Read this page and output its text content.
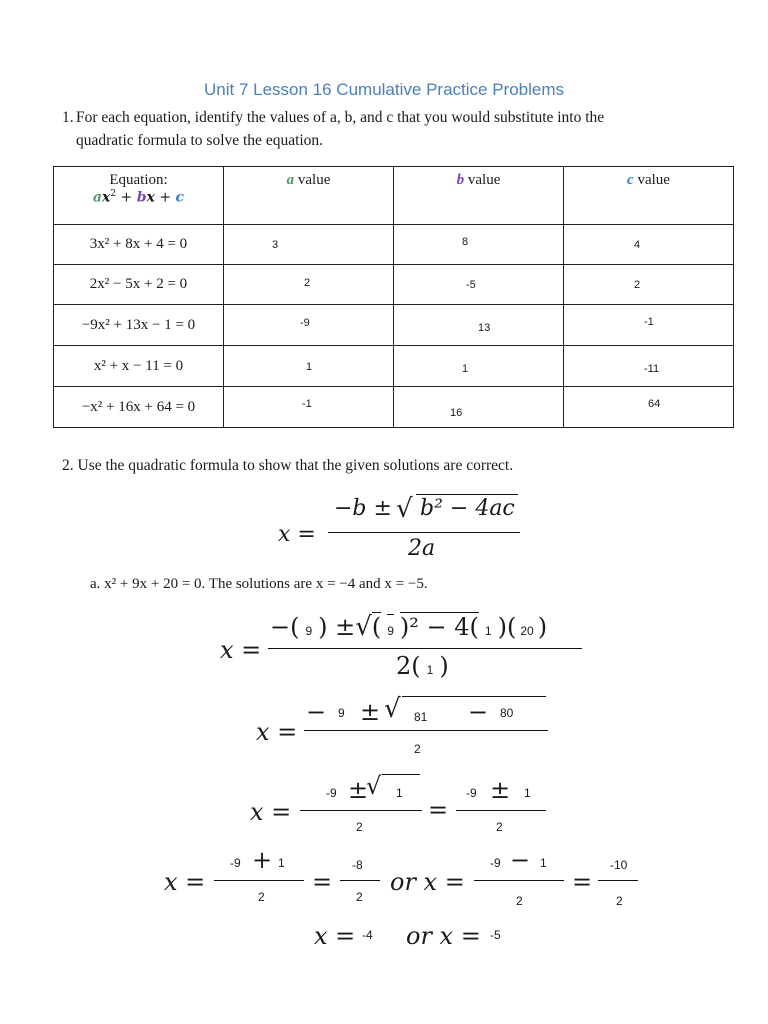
Unit 7 Lesson 16 Cumulative Practice Problems
1. For each equation, identify the values of a, b, and c that you would substitute into the
quadratic formula to solve the equation.
Equation:
$ax^2$ + bx + c	a value	b value	c value
3x² + 8x + 4 = 0	3	$^8$	4
2x² − 5x + 2 = 0	2	-5	2
−9x² + 13x − 1 = 0	$^{-9}$	13	$^{-1}$
x² + x − 11 = 0	1	1	-11
−x² + 16x + 64 = 0	$^{-1}$	$_{16}$	$^{64}$
2. Use the quadratic formula to show that the given solutions are correct.
x =
−b ± √ b² − 4ac
2a
a. x² + 9x + 20 = 0. The solutions are x = −4 and x = −5.
x =
−( 9 ) ±√( 9 )² − 4( 1 )( 20 )
2( 1 )
x =
− 9 ± √ 81 − 80
2
x =
-9 ±
√ 1
2
=
-9 ± 1
2
x =
-9 + 1
2
=
-8
2
or x =
-9 − 1
2
=
-10
2
x = -4 or x = -5
